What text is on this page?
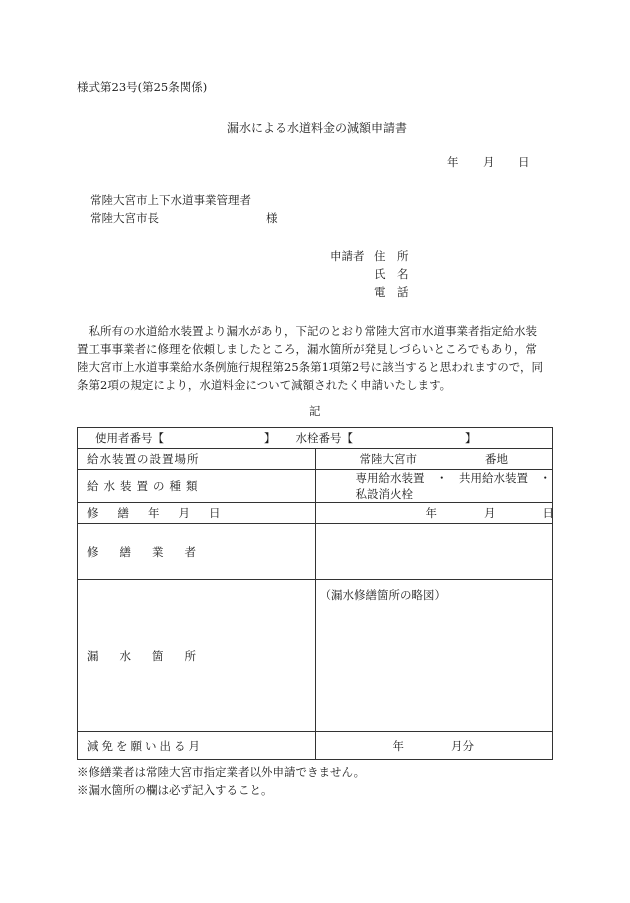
様式第23号(第25条関係)
漏水による水道料金の減額申請書
年 月 日
常陸大宮市上下水道事業管理者
常陸大宮市長	様
申請者 住　所
氏　名
電　話
　私所有の水道給水装置より漏水があり，下記のとおり常陸大宮市水道事業者指定給水装
置工事事業者に修理を依頼しましたところ，漏水箇所が発見しづらいところでもあり，常
陸大宮市上水道事業給水条例施行規程第25条第1項第2号に該当すると思われますので，同
条第2項の規定により，水道料金について減額されたく申請いたします。
記
使用者番号【 】 水栓番号【 】	

給水装置の設置場所	常陸大宮市 番地

給水装置の種類	専用給水装置　・　共用給水装置　・　私設消火栓

修繕年月日	年 月 日

修繕業者	

漏水箇所	（漏水修繕箇所の略図）

減免を願い出る月	年 月分
※修繕業者は常陸大宮市指定業者以外申請できません。
※漏水箇所の欄は必ず記入すること。
